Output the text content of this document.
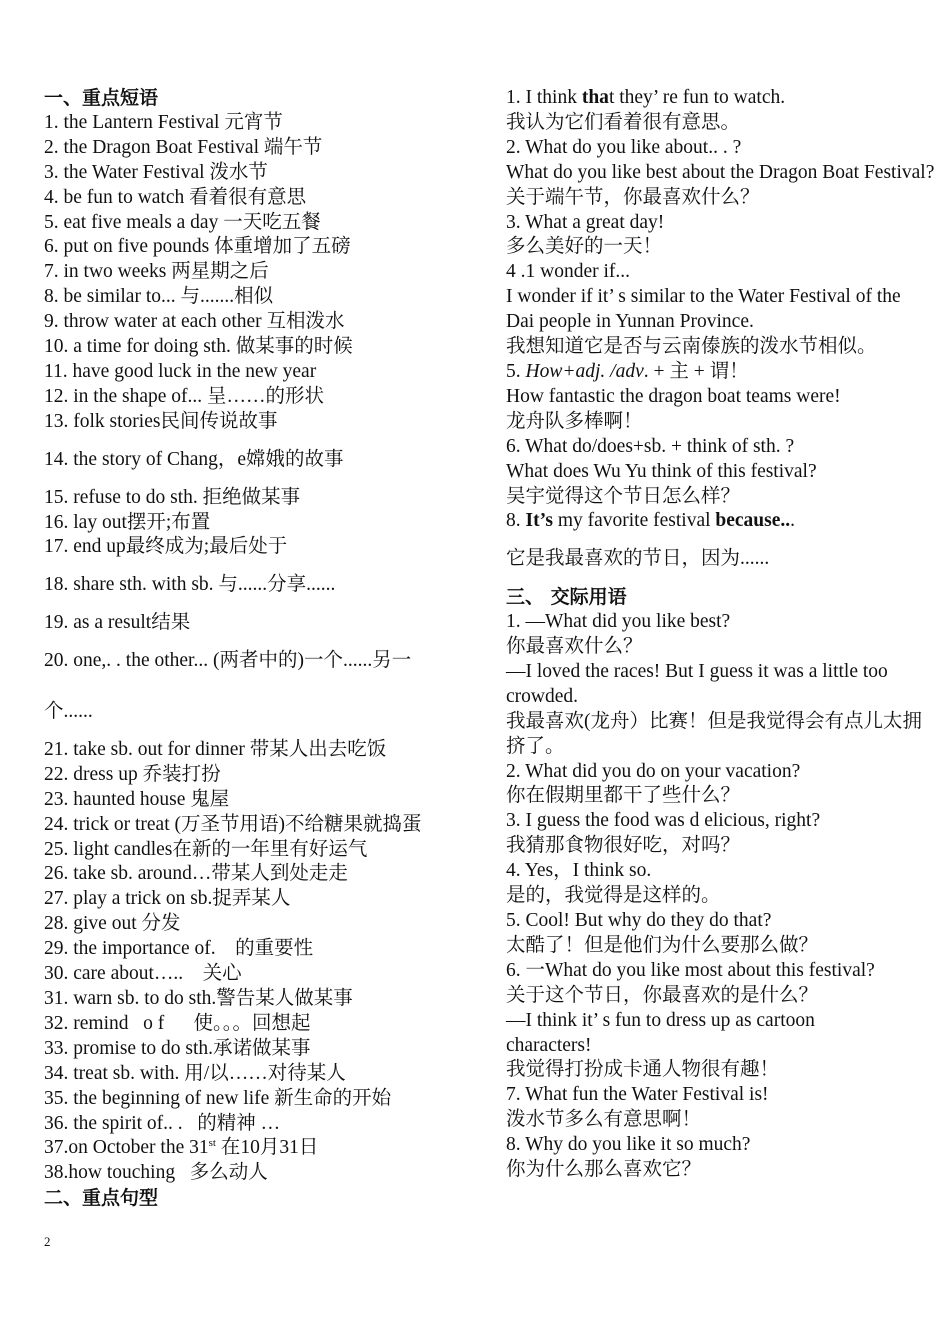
一、重点短语
1. the Lantern Festival 元宵节
2. the Dragon Boat Festival 端午节
3. the Water Festival 泼水节
4. be fun to watch 看着很有意思
5. eat five meals a day 一天吃五餐
6. put on five pounds 体重增加了五磅
7. in two weeks 两星期之后
8. be similar to... 与.......相似
9. throw water at each other 互相泼水
10. a time for doing sth. 做某事的时候
11. have good luck in the new year
12. in the shape of... 呈……的形状
13. folk stories民间传说故事
14. the story of Chang，e嫦娥的故事
15. refuse to do sth. 拒绝做某事
16. lay out摆开;布置
17. end up最终成为;最后处于
18. share sth. with sb. 与......分享......
19. as a result结果
20. one,. . the other... (两者中的)一个......另一
个......
21. take sb. out for dinner 带某人出去吃饭
22. dress up 乔装打扮
23. haunted house 鬼屋
24. trick or treat (万圣节用语)不给糖果就捣蛋
25. light candles在新的一年里有好运气
26. take sb. around…带某人到处走走
27. play a trick on sb.捉弄某人
28. give out 分发
29. the importance of.    的重要性
30. care about…..    关心
31. warn sb. to do sth.警告某人做某事
32. remind   o f      使。。。回想起
33. promise to do sth.承诺做某事
34. treat sb. with. 用/以……对待某人
35. the beginning of new life 新生命的开始
36. the spirit of.. .   的精神 …
37.on October the 31st 在10月31日
38.how touching   多么动人
二、重点句型
1. I think that they’ re fun to watch.
我认为它们看着很有意思。
2. What do you like about.. . ?
What do you like best about the Dragon Boat Festival?
关于端午节，你最喜欢什么？
3. What a great day!
多么美好的一天！
4 .1 wonder if...
I wonder if it’ s similar to the Water Festival of the
Dai people in Yunnan Province.
我想知道它是否与云南傣族的泼水节相似。
5. How+adj. /adv. + 主 + 谓！
How fantastic the dragon boat teams were!
龙舟队多棒啊！
6. What do/does+sb. + think of sth. ?
What does Wu Yu think of this festival?
吴宇觉得这个节日怎么样？
8. It’s my favorite festival because...
它是我最喜欢的节日，因为......
三、 交际用语
1. —What did you like best?
你最喜欢什么？
—I loved the races! But I guess it was a little too crowded.
我最喜欢(龙舟）比赛！但是我觉得会有点儿太拥挤了。
2. What did you do on your vacation?
你在假期里都干了些什么？
3. I guess the food was d elicious, right?
我猜那食物很好吃，对吗？
4. Yes，I think so.
是的，我觉得是这样的。
5. Cool! But why do they do that?
太酷了！但是他们为什么要那么做？
6. 一What do you like most about this festival?
关于这个节日，你最喜欢的是什么？
—I think it’ s fun to dress up as cartoon characters!
我觉得打扮成卡通人物很有趣！
7. What fun the Water Festival is!
泼水节多么有意思啊！
8. Why do you like it so much?
你为什么那么喜欢它？
2
